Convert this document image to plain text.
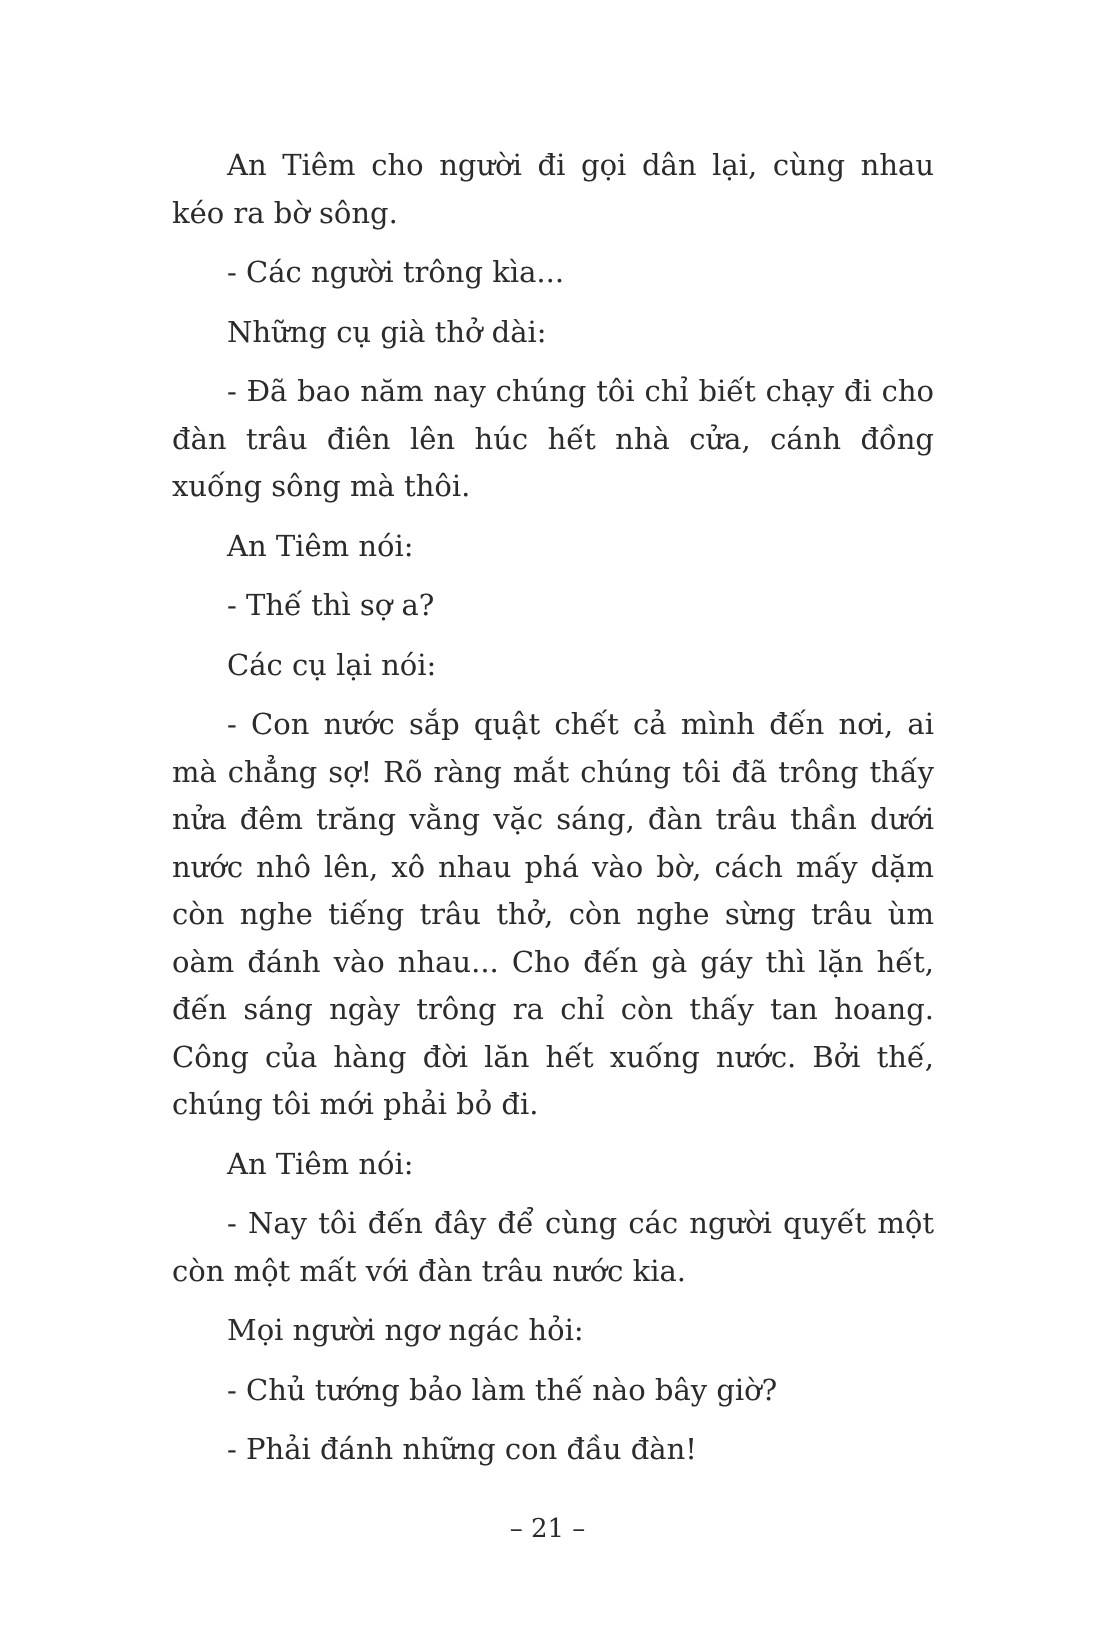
An Tiêm cho người đi gọi dân lại, cùng nhau kéo ra bờ sông.

- Các người trông kìa...

Những cụ già thở dài:

- Đã bao năm nay chúng tôi chỉ biết chạy đi cho đàn trâu điên lên húc hết nhà cửa, cánh đồng xuống sông mà thôi.

An Tiêm nói:

- Thế thì sợ a?

Các cụ lại nói:

- Con nước sắp quật chết cả mình đến nơi, ai mà chẳng sợ! Rõ ràng mắt chúng tôi đã trông thấy nửa đêm trăng vằng vặc sáng, đàn trâu thần dưới nước nhô lên, xô nhau phá vào bờ, cách mấy dặm còn nghe tiếng trâu thở, còn nghe sừng trâu ùm oàm đánh vào nhau... Cho đến gà gáy thì lặn hết, đến sáng ngày trông ra chỉ còn thấy tan hoang. Công của hàng đời lăn hết xuống nước. Bởi thế, chúng tôi mới phải bỏ đi.

An Tiêm nói:

- Nay tôi đến đây để cùng các người quyết một còn một mất với đàn trâu nước kia.

Mọi người ngơ ngác hỏi:

- Chủ tướng bảo làm thế nào bây giờ?

- Phải đánh những con đầu đàn!

– 21 –
